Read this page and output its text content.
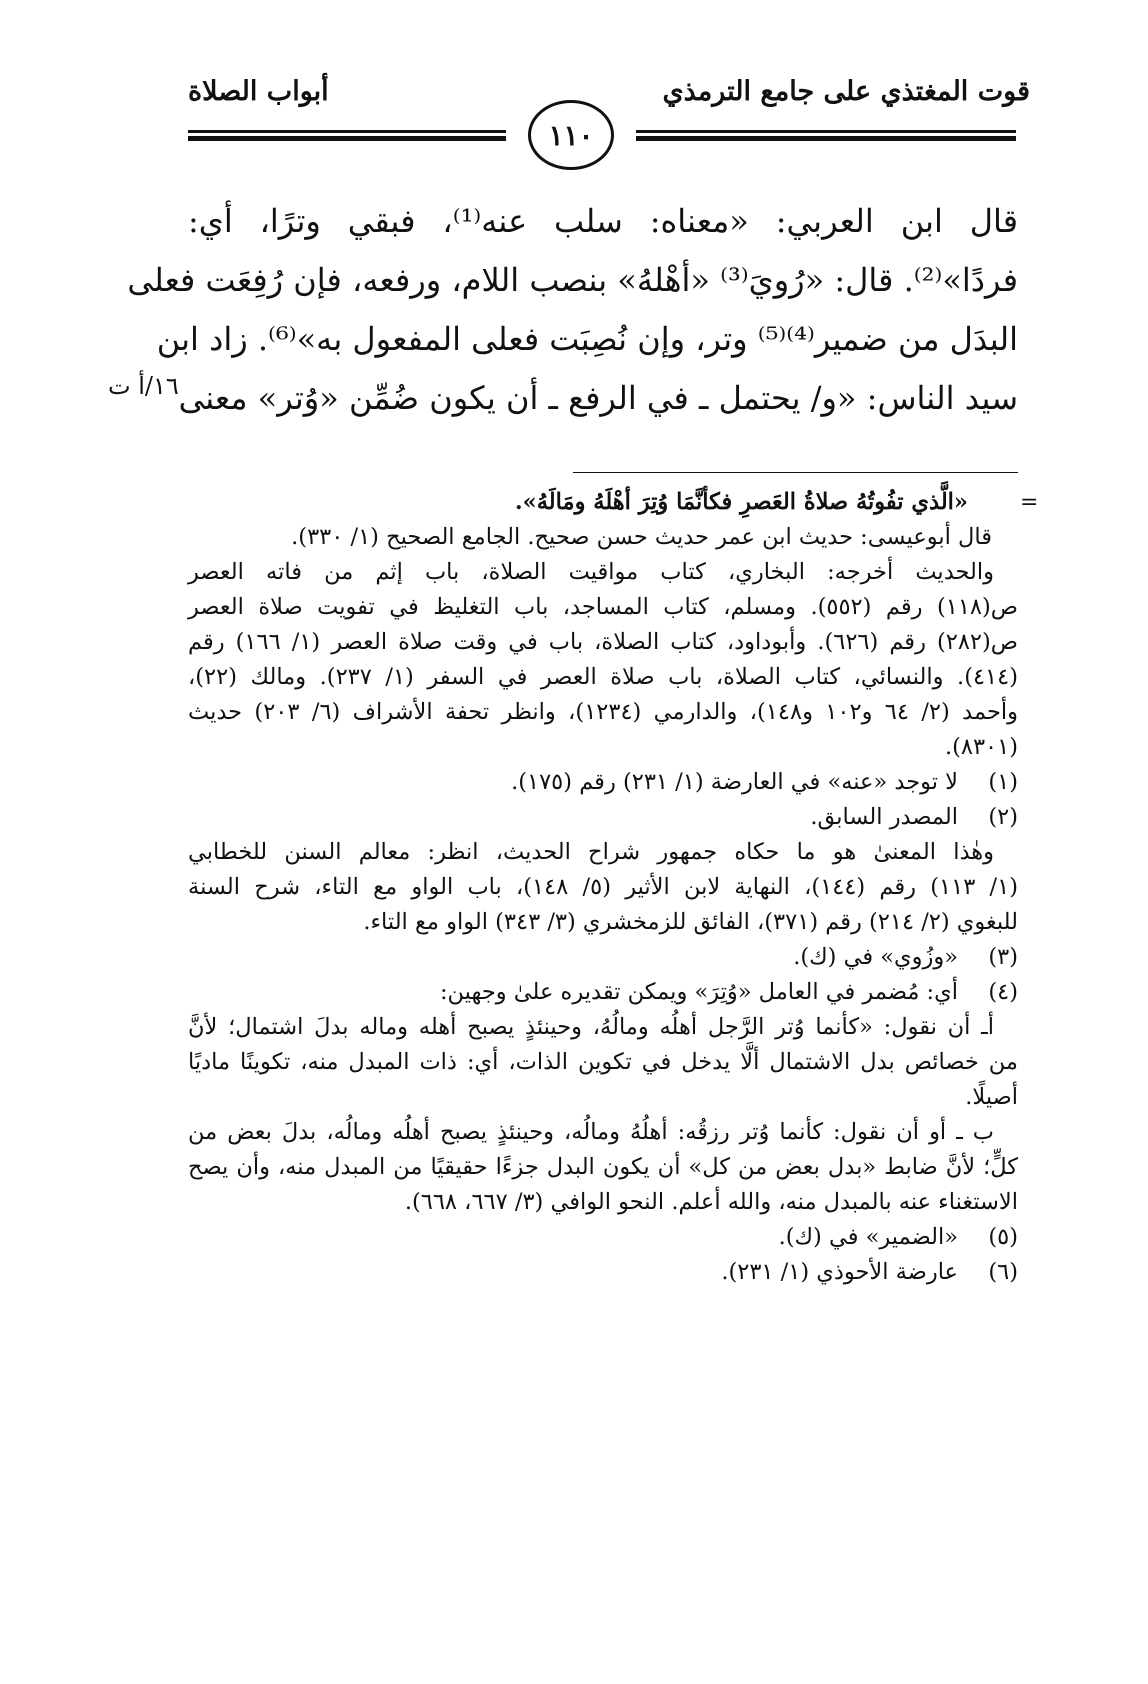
قوت المغتذي على جامع الترمذي
أبواب الصلاة
١١٠
قال ابن العربي: «معناه: سلب عنه⁽¹⁾، فبقي وترًا، أي:
فردًا»⁽²⁾. قال: «رُويَ⁽³⁾ «أهْلهُ» بنصب اللام، ورفعه، فإن رُفِعَت فعلى
البدَل من ضمير⁽⁴⁾⁽⁵⁾ وتر، وإن نُصِبَت فعلى المفعول به»⁽⁶⁾. زاد ابن
سيد الناس: «و/ يحتمل ـ في الرفع ـ أن يكون ضُمِّن «وُتر» معنى
١٦/أ ت
=
«الَّذي تفُوتُهُ صلاةُ العَصرِ فكأنَّمَا وُتِرَ أهْلَهُ ومَالَهُ».
قال أبوعيسى: حديث ابن عمر حديث حسن صحيح. الجامع الصحيح (١/ ٣٣٠).
والحديث أخرجه: البخاري، كتاب مواقيت الصلاة، باب إثم من فاته العصر
ص(١١٨) رقم (٥٥٢). ومسلم، كتاب المساجد، باب التغليظ في تفويت صلاة العصر
ص(٢٨٢) رقم (٦٢٦). وأبوداود، كتاب الصلاة، باب في وقت صلاة العصر (١/ ١٦٦) رقم
(٤١٤). والنسائي، كتاب الصلاة، باب صلاة العصر في السفر (١/ ٢٣٧). ومالك (٢٢)،
وأحمد (٢/ ٦٤ و١٠٢ و١٤٨)، والدارمي (١٢٣٤)، وانظر تحفة الأشراف (٦/ ٢٠٣) حديث
(٨٣٠١).
(١)لا توجد «عنه» في العارضة (١/ ٢٣١) رقم (١٧٥).
(٢)المصدر السابق.
وهٰذا المعنىٰ هو ما حكاه جمهور شراح الحديث، انظر: معالم السنن للخطابي
(١/ ١١٣) رقم (١٤٤)، النهاية لابن الأثير (٥/ ١٤٨)، باب الواو مع التاء، شرح السنة
للبغوي (٢/ ٢١٤) رقم (٣٧١)، الفائق للزمخشري (٣/ ٣٤٣) الواو مع التاء.
(٣)«وزُوي» في (ك).
(٤)أي: مُضمر في العامل «وُتِرَ» ويمكن تقديره علىٰ وجهين:
أـ أن نقول: «كأنما وُتر الرَّجل أهلُه ومالُهُ، وحينئذٍ يصبح أهله وماله بدلَ اشتمال؛ لأنَّ
من خصائص بدل الاشتمال ألَّا يدخل في تكوين الذات، أي: ذات المبدل منه، تكوينًا ماديًا
أصيلًا.
ب ـ أو أن نقول: كأنما وُتر رزقُه: أهلُهُ ومالُه، وحينئذٍ يصبح أهلُه ومالُه، بدلَ بعض من
كلٍّ؛ لأنَّ ضابط «بدل بعض من كل» أن يكون البدل جزءًا حقيقيًا من المبدل منه، وأن يصح
الاستغناء عنه بالمبدل منه، والله أعلم. النحو الوافي (٣/ ٦٦٧، ٦٦٨).
(٥)«الضمير» في (ك).
(٦)عارضة الأحوذي (١/ ٢٣١).
